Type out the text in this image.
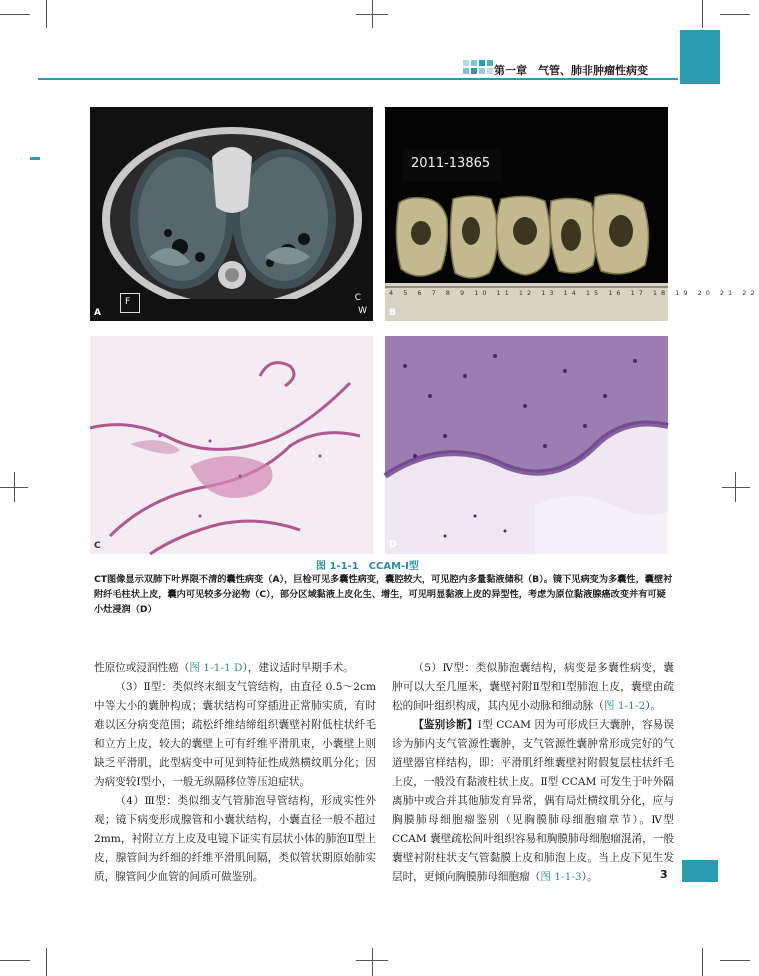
第一章　气管、肺非肿瘤性病变
A
F	C
W
2011-13865
4 5 6 7 8 9 10 11 12 13 14 15 16 17 18 19 20 21 22
B
C	D
图 1-1-1　CCAM-Ⅰ型
CT图像显示双肺下叶界限不清的囊性病变（A），巨检可见多囊性病变，囊腔较大，可见腔内多量黏液储积（B）。镜下见病变为多囊性，囊壁衬附纤毛柱状上皮，囊内可见较多分泌物（C），部分区域黏液上皮化生、增生，可见明显黏液上皮的异型性，考虑为原位黏液腺癌改变并有可疑小灶浸润（D）

性原位或浸润性癌（图 1-1-1 D），建议适时早期手术。

（3）Ⅱ型：类似终末细支气管结构，由直径 0.5～2cm 中等大小的囊肿构成；囊状结构可穿插进正常肺实质，有时难以区分病变范围；疏松纤维结缔组织囊壁衬附低柱状纤毛和立方上皮，较大的囊壁上可有纤维平滑肌束，小囊壁上则缺乏平滑肌，此型病变中可见到特征性成熟横纹肌分化；因为病变较Ⅰ型小，一般无纵隔移位等压迫症状。

（4）Ⅲ型：类似细支气管肺泡导管结构，形成实性外观；镜下病变形成腺管和小囊状结构，小囊直径一般不超过 2mm，衬附立方上皮及电镜下证实有层状小体的肺泡Ⅱ型上皮，腺管间为纤细的纤维平滑肌间隔，类似管状期原始肺实质，腺管间少血管的间质可做鉴别。

（5）Ⅳ型：类似肺泡囊结构，病变是多囊性病变，囊肿可以大至几厘米，囊壁衬附Ⅱ型和Ⅰ型肺泡上皮，囊壁由疏松的间叶组织构成，其内见小动脉和细动脉（图 1-1-2）。

【鉴别诊断】Ⅰ型 CCAM 因为可形成巨大囊肿，容易误诊为肺内支气管源性囊肿，支气管源性囊肿常形成完好的气道壁器官样结构，即：平滑肌纤维囊壁衬附假复层柱状纤毛上皮，一般没有黏液柱状上皮。Ⅱ型 CCAM 可发生于叶外隔离肺中或合并其他肺发育异常，偶有局灶横纹肌分化，应与胸膜肺母细胞瘤鉴别（见胸膜肺母细胞瘤章节）。Ⅳ型 CCAM 囊壁疏松间叶组织容易和胸膜肺母细胞瘤混淆，一般囊壁衬附柱状支气管黏膜上皮和肺泡上皮。当上皮下见生发层时，更倾向胸膜肺母细胞瘤（图 1-1-3）。	3
